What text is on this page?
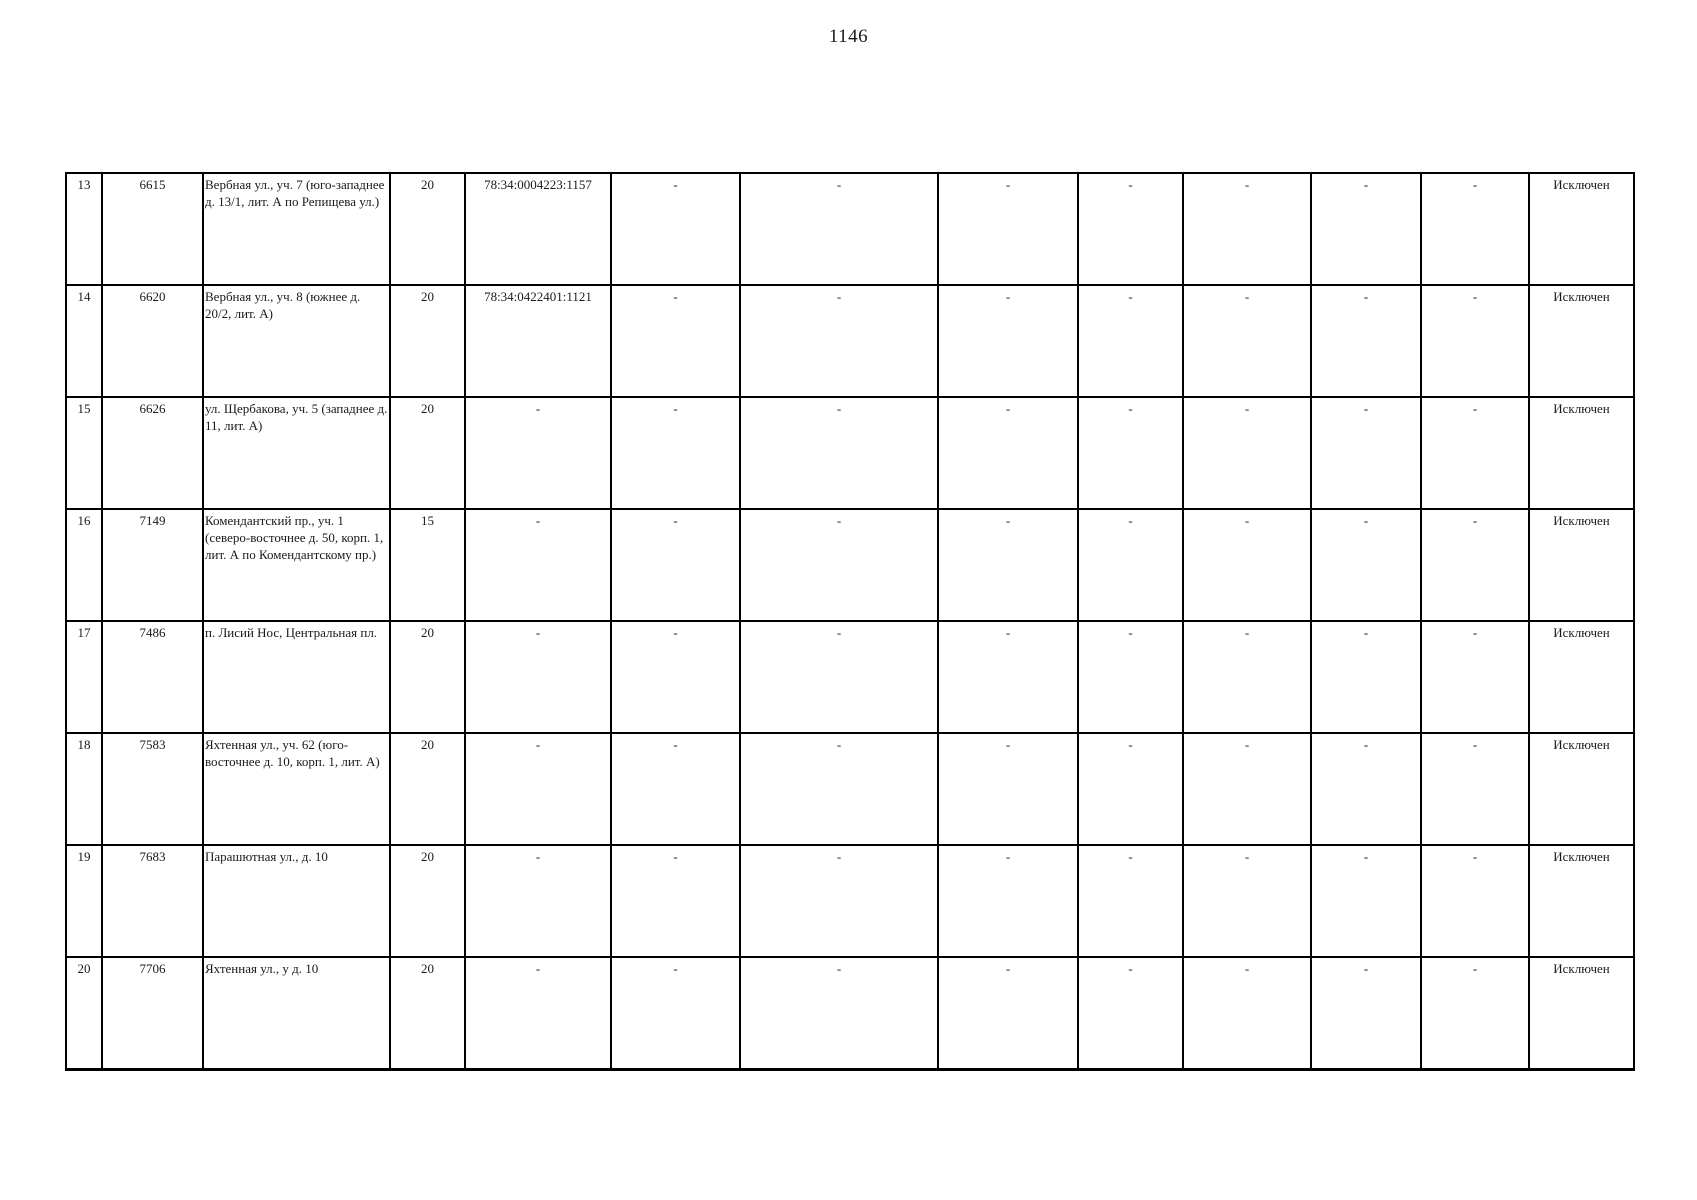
1146
13	6615	Вербная ул., уч. 7 (юго-западнее д. 13/1, лит. А по Репищева ул.)	20	78:34:0004223:1157	-	-	-	-	-	-	-	Исключен
14	6620	Вербная ул., уч. 8 (южнее д. 20/2, лит. А)	20	78:34:0422401:1121	-	-	-	-	-	-	-	Исключен
15	6626	ул. Щербакова, уч. 5 (западнее д. 11, лит. А)	20	-	-	-	-	-	-	-	-	Исключен
16	7149	Комендантский пр., уч. 1 (северо-восточнее д. 50, корп. 1, лит. А по Комендантскому пр.)	15	-	-	-	-	-	-	-	-	Исключен
17	7486	п. Лисий Нос, Центральная пл.	20	-	-	-	-	-	-	-	-	Исключен
18	7583	Яхтенная ул., уч. 62 (юго-восточнее д. 10, корп. 1, лит. А)	20	-	-	-	-	-	-	-	-	Исключен
19	7683	Парашютная ул., д. 10	20	-	-	-	-	-	-	-	-	Исключен
20	7706	Яхтенная ул., у д. 10	20	-	-	-	-	-	-	-	-	Исключен
